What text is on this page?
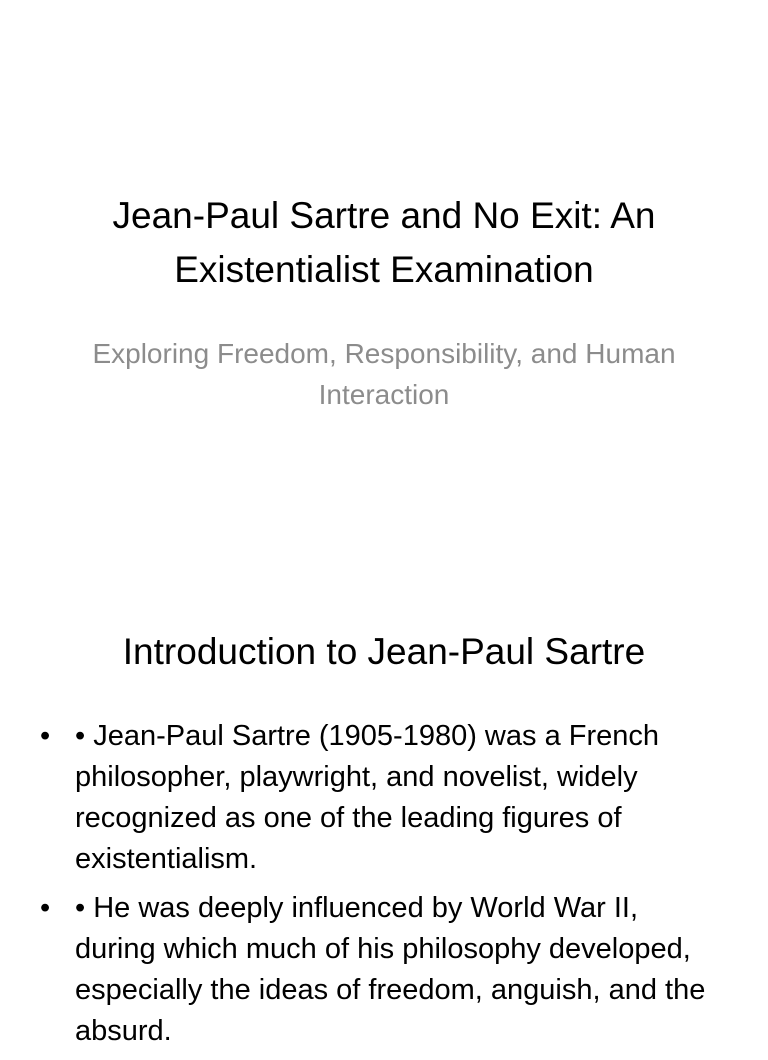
Jean-Paul Sartre and No Exit: An Existentialist Examination
Exploring Freedom, Responsibility, and Human Interaction
Introduction to Jean-Paul Sartre
• • Jean-Paul Sartre (1905-1980) was a French philosopher, playwright, and novelist, widely recognized as one of the leading figures of existentialism.
• • He was deeply influenced by World War II, during which much of his philosophy developed, especially the ideas of freedom, anguish, and the absurd.
